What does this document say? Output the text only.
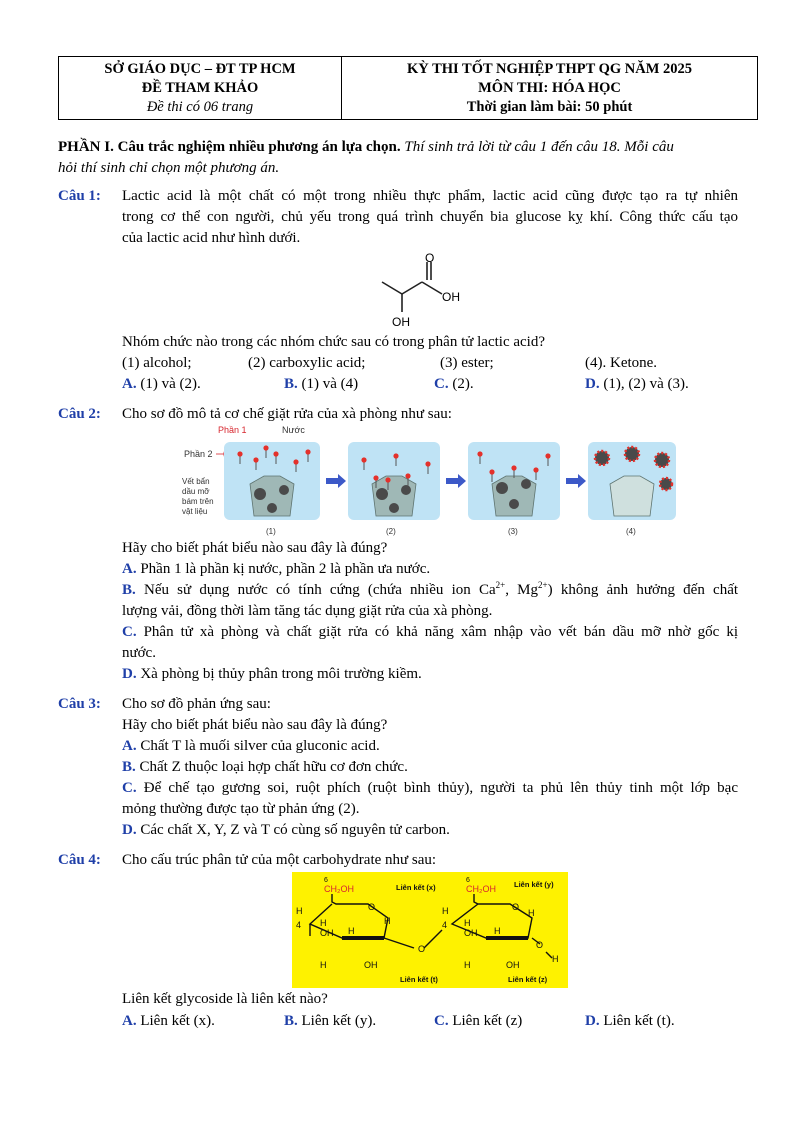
SỞ GIÁO DỤC – ĐT TP HCM
ĐỀ THAM KHẢO
Đề thi có 06 trang
KỲ THI TỐT NGHIỆP THPT QG NĂM 2025
MÔN THI: HÓA HỌC
Thời gian làm bài: 50 phút
PHẦN I. Câu trắc nghiệm nhiều phương án lựa chọn. Thí sinh trả lời từ câu 1 đến câu 18. Mỗi câu
hỏi thí sinh chỉ chọn một phương án.
Câu 1: Lactic acid là một chất có một trong nhiều thực phẩm, lactic acid cũng được tạo ra tự nhiên
trong cơ thể con người, chủ yếu trong quá trình chuyển bia glucose kỵ khí. Công thức cấu tạo
của lactic acid như hình dưới.
O
OH
OH
Nhóm chức nào trong các nhóm chức sau có trong phân tử lactic acid?
(1) alcohol;	(2) carboxylic acid;	(3) ester;	(4). Ketone.
A. (1) và (2).	B. (1) và (4)	C. (2).	D. (1), (2) và (3).
Câu 2: Cho sơ đồ mô tả cơ chế giặt rửa của xà phòng như sau:
Phần 1	Nước
Phần 2
Vết bẩn
dầu mỡ
bám trên
vật liệu
(1)	(2)	(3)	(4)
Hãy cho biết phát biểu nào sau đây là đúng?
A. Phần 1 là phần kị nước, phần 2 là phần ưa nước.
B. Nếu sử dụng nước có tính cứng (chứa nhiều ion $Ca^{2+}$, $Mg^{2+}$) không ảnh hưởng đến chất
lượng vải, đồng thời làm tăng tác dụng giặt rửa của xà phòng.
C. Phân tử xà phòng và chất giặt rửa có khả năng xâm nhập vào vết bán dầu mỡ nhờ gốc kị
nước.
D. Xà phòng bị thủy phân trong môi trường kiềm.
Câu 3: Cho sơ đồ phản ứng sau:
Hãy cho biết phát biểu nào sau đây là đúng?
A. Chất T là muối silver của gluconic acid.
B. Chất Z thuộc loại hợp chất hữu cơ đơn chức.
C. Để chế tạo gương soi, ruột phích (ruột bình thủy), người ta phủ lên thủy tinh một lớp bạc
mỏng thường được tạo từ phản ứng (2).
D. Các chất X, Y, Z và T có cùng số nguyên tử carbon.
Câu 4: Cho cấu trúc phân tử của một carbohydrate như sau:
6
CH₂OH
6
CH₂OH
Liên kết (x)	Liên kết (y)
Liên kết (t)	Liên kết (z)
O	O
O
H
4 H
OH H
H
H	OH
H
4 H
OH H
H
H	OH
O
H
Liên kết glycoside là liên kết nào?
A. Liên kết (x).	B. Liên kết (y).	C. Liên kết (z)	D. Liên kết (t).
